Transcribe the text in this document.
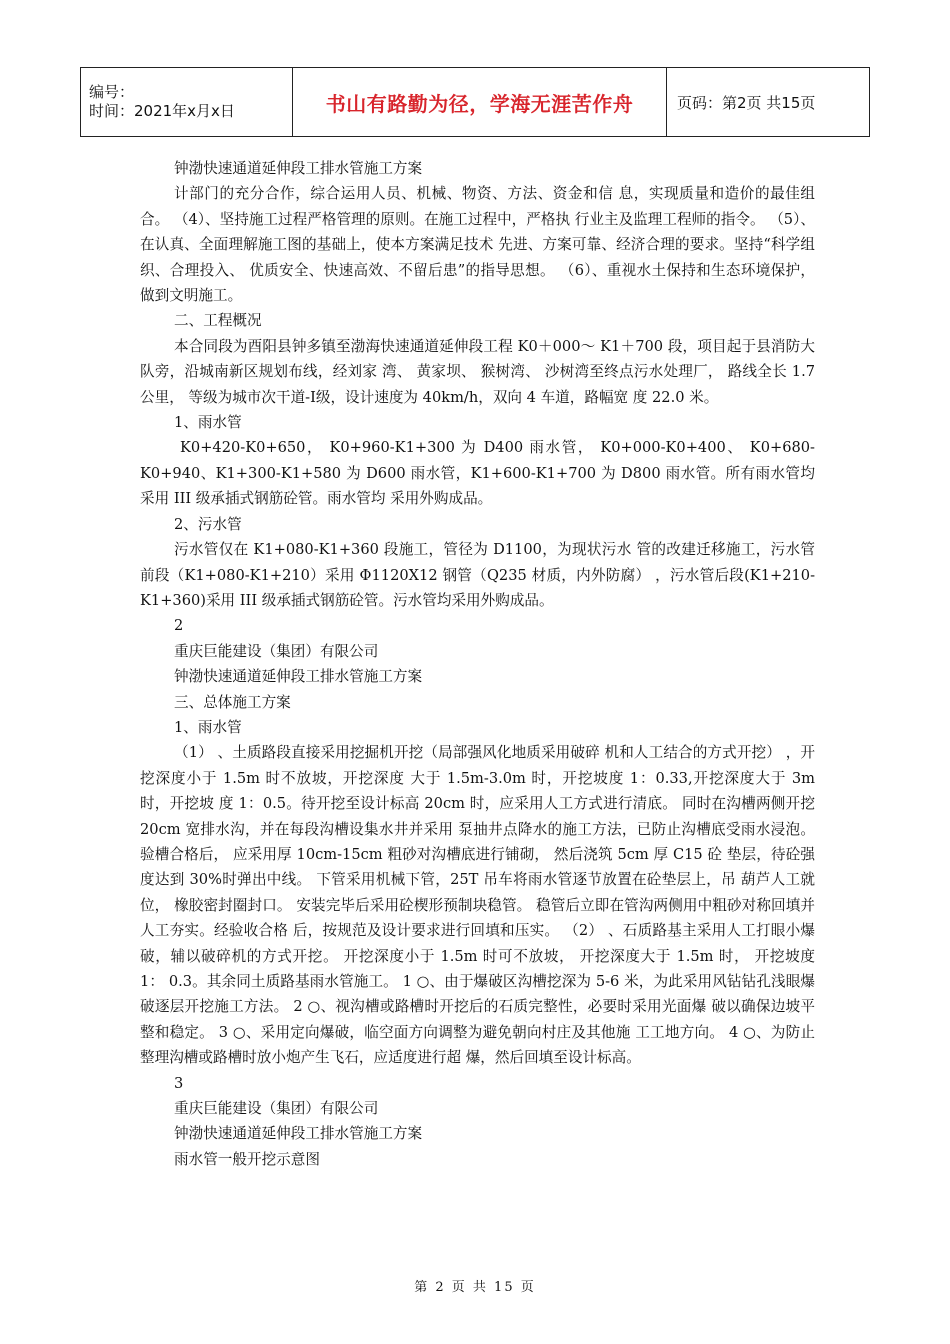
编号：
时间：2021年x月x日	书山有路勤为径，学海无涯苦作舟	页码：第2页 共15页

钟渤快速通道延伸段工排水管施工方案

计部门的充分合作，综合运用人员、机械、物资、方法、资金和信 息，实现质量和造价的最佳组合。 （4）、坚持施工过程严格管理的原则。在施工过程中，严格执 行业主及监理工程师的指令。 （5）、在认真、全面理解施工图的基础上，使本方案满足技术 先进、方案可靠、经济合理的要求。坚持“科学组织、合理投入、 优质安全、快速高效、不留后患”的指导思想。 （6）、重视水土保持和生态环境保护，做到文明施工。

二、工程概况

本合同段为酉阳县钟多镇至渤海快速通道延伸段工程 K0＋000～ K1＋700 段，项目起于县消防大队旁，沿城南新区规划布线，经刘家 湾、 黄家坝、 猴树湾、 沙树湾至终点污水处理厂， 路线全长 1.7 公里， 等级为城市次干道-Ⅰ级，设计速度为 40km/h，双向 4 车道，路幅宽 度 22.0 米。

1、雨水管

K0+420-K0+650， K0+960-K1+300 为 D400 雨水管， K0+000-K0+400、 K0+680-K0+940、K1+300-K1+580 为 D600 雨水管，K1+600-K1+700 为 D800 雨水管。所有雨水管均采用 III 级承插式钢筋砼管。雨水管均 采用外购成品。

2、污水管

污水管仅在 K1+080-K1+360 段施工，管径为 D1100，为现状污水 管的改建迁移施工，污水管前段（K1+080-K1+210）采用 Φ1120X12 钢管（Q235 材质，内外防腐） ，污水管后段(K1+210-K1+360)采用 III 级承插式钢筋砼管。污水管均采用外购成品。

2

重庆巨能建设（集团）有限公司

钟渤快速通道延伸段工排水管施工方案

三、总体施工方案

1、雨水管

（1） 、土质路段直接采用挖掘机开挖（局部强风化地质采用破碎 机和人工结合的方式开挖） ，开挖深度小于 1.5m 时不放坡，开挖深度 大于 1.5m-3.0m 时，开挖坡度 1：0.33,开挖深度大于 3m 时，开挖坡 度 1：0.5。待开挖至设计标高 20cm 时，应采用人工方式进行清底。 同时在沟槽两侧开挖 20cm 宽排水沟，并在每段沟槽设集水井并采用 泵抽井点降水的施工方法，已防止沟槽底受雨水浸泡。验槽合格后， 应采用厚 10cm-15cm 粗砂对沟槽底进行铺砌， 然后浇筑 5cm 厚 C15 砼 垫层，待砼强度达到 30%时弹出中线。 下管采用机械下管，25T 吊车将雨水管逐节放置在砼垫层上，吊 葫芦人工就位， 橡胶密封圈封口。 安装完毕后采用砼楔形预制块稳管。 稳管后立即在管沟两侧用中粗砂对称回填并人工夯实。经验收合格 后，按规范及设计要求进行回填和压实。 （2） 、石质路基主采用人工打眼小爆破，辅以破碎机的方式开挖。 开挖深度小于 1.5m 时可不放坡， 开挖深度大于 1.5m 时， 开挖坡度 1： 0.3。其余同土质路基雨水管施工。 1 ○、由于爆破区沟槽挖深为 5-6 米，为此采用风钻钻孔浅眼爆 破逐层开挖施工方法。 2 ○、视沟槽或路槽时开挖后的石质完整性，必要时采用光面爆 破以确保边坡平整和稳定。 3 ○、采用定向爆破，临空面方向调整为避免朝向村庄及其他施 工工地方向。 4 ○、为防止整理沟槽或路槽时放小炮产生飞石，应适度进行超 爆，然后回填至设计标高。

3

重庆巨能建设（集团）有限公司

钟渤快速通道延伸段工排水管施工方案

雨水管一般开挖示意图

第 2 页 共 15 页
